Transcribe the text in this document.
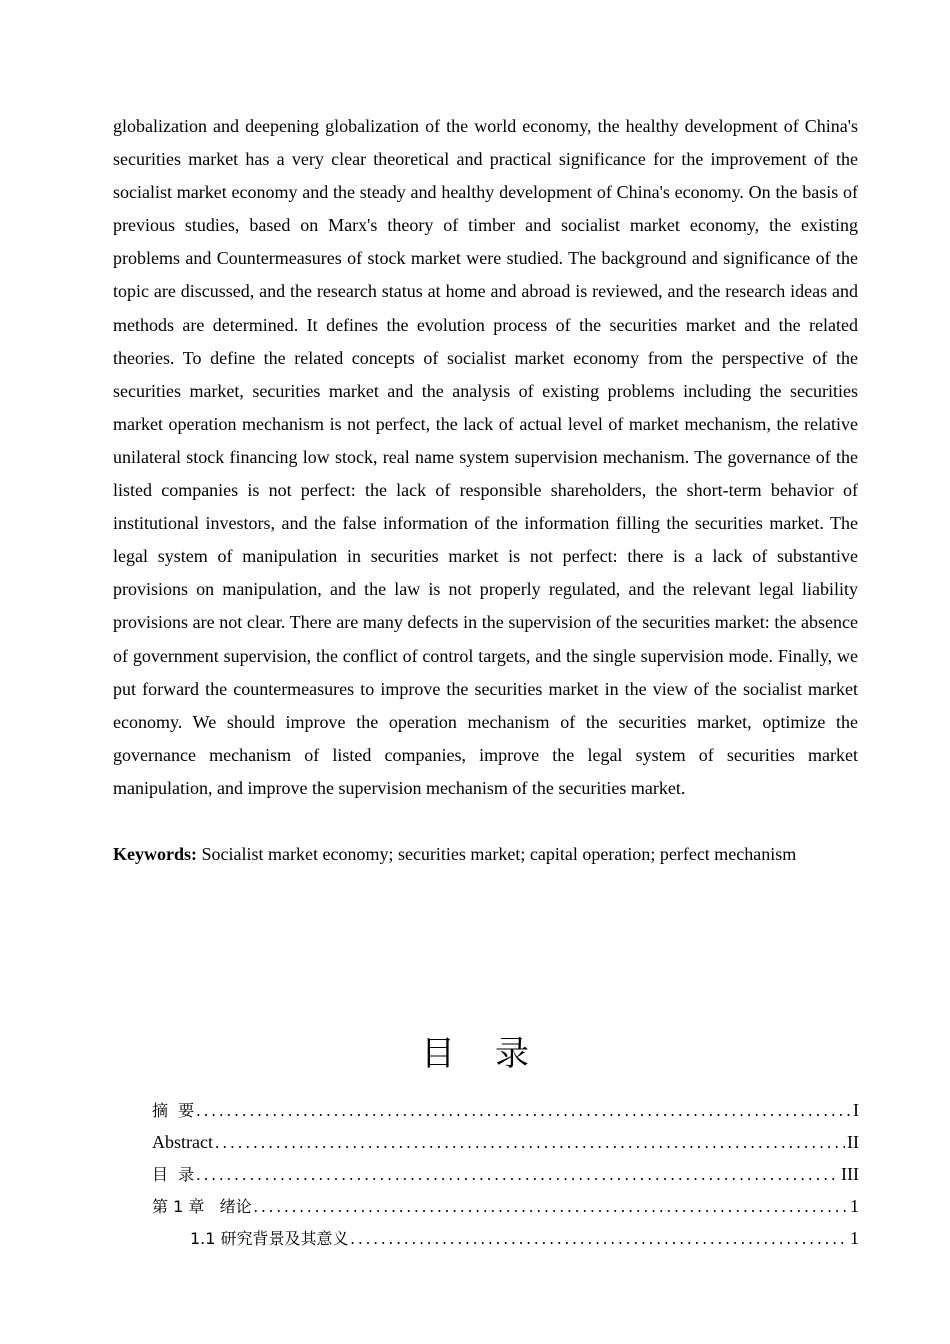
globalization and deepening globalization of the world economy, the healthy development of China's securities market has a very clear theoretical and practical significance for the improvement of the socialist market economy and the steady and healthy development of China's economy. On the basis of previous studies, based on Marx's theory of timber and socialist market economy, the existing problems and Countermeasures of stock market were studied. The background and significance of the topic are discussed, and the research status at home and abroad is reviewed, and the research ideas and methods are determined. It defines the evolution process of the securities market and the related theories. To define the related concepts of socialist market economy from the perspective of the securities market, securities market and the analysis of existing problems including the securities market operation mechanism is not perfect, the lack of actual level of market mechanism, the relative unilateral stock financing low stock, real name system supervision mechanism. The governance of the listed companies is not perfect: the lack of responsible shareholders, the short-term behavior of institutional investors, and the false information of the information filling the securities market. The legal system of manipulation in securities market is not perfect: there is a lack of substantive provisions on manipulation, and the law is not properly regulated, and the relevant legal liability provisions are not clear. There are many defects in the supervision of the securities market: the absence of government supervision, the conflict of control targets, and the single supervision mode. Finally, we put forward the countermeasures to improve the securities market in the view of the socialist market economy. We should improve the operation mechanism of the securities market, optimize the governance mechanism of listed companies, improve the legal system of securities market manipulation, and improve the supervision mechanism of the securities market.

Keywords: Socialist market economy; securities market; capital operation; perfect mechanism
目 录
摘  要 .....	I
Abstract .....	II
目  录 .....	III
第 1 章   绪论 .....	1
1.1 研究背景及其意义 .....	1
